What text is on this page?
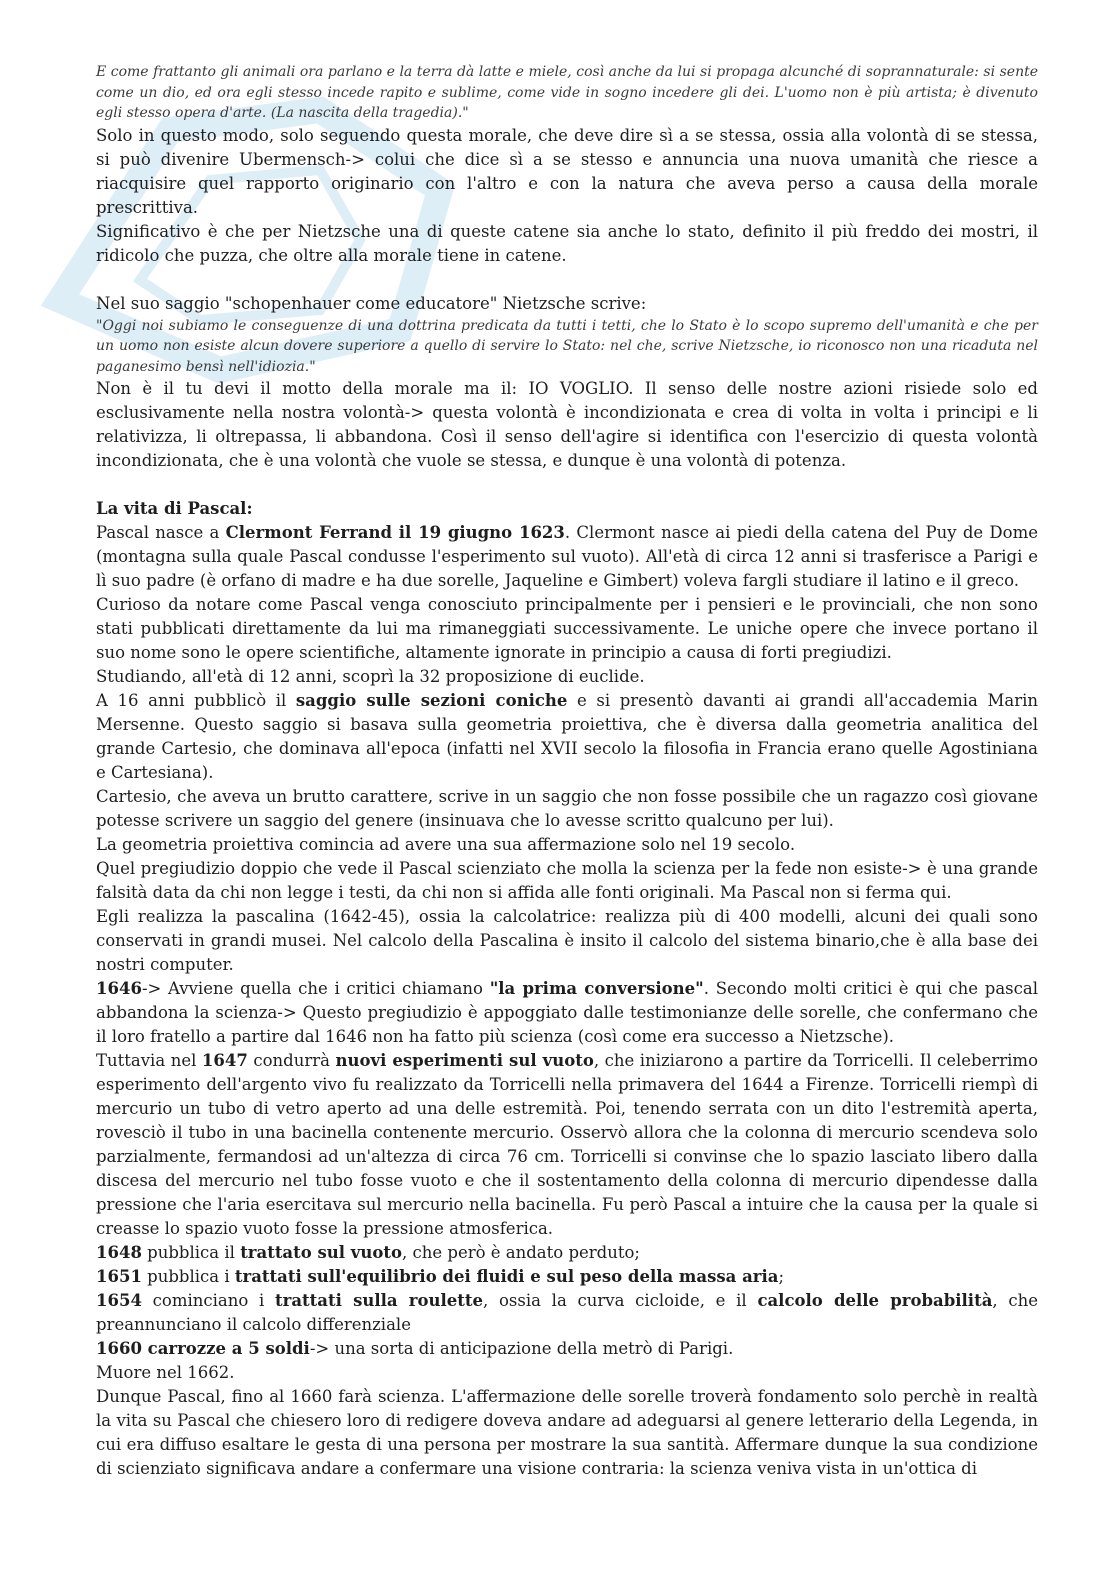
E come frattanto gli animali ora parlano e la terra dà latte e miele, così anche da lui si propaga alcunché di soprannaturale: si sente come un dio, ed ora egli stesso incede rapito e sublime, come vide in sogno incedere gli dei. L'uomo non è più artista; è divenuto egli stesso opera d'arte. (La nascita della tragedia)."

Solo in questo modo, solo seguendo questa morale, che deve dire sì a se stessa, ossia alla volontà di se stessa, si può divenire Ubermensch-> colui che dice sì a se stesso e annuncia una nuova umanità che riesce a riacquisire quel rapporto originario con l'altro e con la natura che aveva perso a causa della morale prescrittiva.

Significativo è che per Nietzsche una di queste catene sia anche lo stato, definito il più freddo dei mostri, il ridicolo che puzza, che oltre alla morale tiene in catene.

Nel suo saggio "schopenhauer come educatore" Nietzsche scrive:

"Oggi noi subiamo le conseguenze di una dottrina predicata da tutti i tetti, che lo Stato è lo scopo supremo dell'umanità e che per un uomo non esiste alcun dovere superiore a quello di servire lo Stato: nel che, scrive Nietzsche, io riconosco non una ricaduta nel paganesimo bensì nell'idiozia."

Non è il tu devi il motto della morale ma il: IO VOGLIO. Il senso delle nostre azioni risiede solo ed esclusivamente nella nostra volontà-> questa volontà è incondizionata e crea di volta in volta i principi e li relativizza, li oltrepassa, li abbandona. Così il senso dell'agire si identifica con l'esercizio di questa volontà incondizionata, che è una volontà che vuole se stessa, e dunque è una volontà di potenza.

La vita di Pascal:

Pascal nasce a Clermont Ferrand il 19 giugno 1623. Clermont nasce ai piedi della catena del Puy de Dome (montagna sulla quale Pascal condusse l'esperimento sul vuoto). All'età di circa 12 anni si trasferisce a Parigi e lì suo padre (è orfano di madre e ha due sorelle, Jaqueline e Gimbert) voleva fargli studiare il latino e il greco.

Curioso da notare come Pascal venga conosciuto principalmente per i pensieri e le provinciali, che non sono stati pubblicati direttamente da lui ma rimaneggiati successivamente. Le uniche opere che invece portano il suo nome sono le opere scientifiche, altamente ignorate in principio a causa di forti pregiudizi.

Studiando, all'età di 12 anni, scoprì la 32 proposizione di euclide.

A 16 anni pubblicò il saggio sulle sezioni coniche e si presentò davanti ai grandi all'accademia Marin Mersenne. Questo saggio si basava sulla geometria proiettiva, che è diversa dalla geometria analitica del grande Cartesio, che dominava all'epoca (infatti nel XVII secolo la filosofia in Francia erano quelle Agostiniana e Cartesiana).

Cartesio, che aveva un brutto carattere, scrive in un saggio che non fosse possibile che un ragazzo così giovane potesse scrivere un saggio del genere (insinuava che lo avesse scritto qualcuno per lui).

La geometria proiettiva comincia ad avere una sua affermazione solo nel 19 secolo.

Quel pregiudizio doppio che vede il Pascal scienziato che molla la scienza per la fede non esiste-> è una grande falsità data da chi non legge i testi, da chi non si affida alle fonti originali. Ma Pascal non si ferma qui.

Egli realizza la pascalina (1642-45), ossia la calcolatrice: realizza più di 400 modelli, alcuni dei quali sono conservati in grandi musei. Nel calcolo della Pascalina è insito il calcolo del sistema binario,che è alla base dei nostri computer.

1646-> Avviene quella che i critici chiamano "la prima conversione". Secondo molti critici è qui che pascal abbandona la scienza-> Questo pregiudizio è appoggiato dalle testimonianze delle sorelle, che confermano che il loro fratello a partire dal 1646 non ha fatto più scienza (così come era successo a Nietzsche).

Tuttavia nel 1647 condurrà nuovi esperimenti sul vuoto, che iniziarono a partire da Torricelli. Il celeberrimo esperimento dell'argento vivo fu realizzato da Torricelli nella primavera del 1644 a Firenze. Torricelli riempì di mercurio un tubo di vetro aperto ad una delle estremità. Poi, tenendo serrata con un dito l'estremità aperta, rovesciò il tubo in una bacinella contenente mercurio. Osservò allora che la colonna di mercurio scendeva solo parzialmente, fermandosi ad un'altezza di circa 76 cm. Torricelli si convinse che lo spazio lasciato libero dalla discesa del mercurio nel tubo fosse vuoto e che il sostentamento della colonna di mercurio dipendesse dalla pressione che l'aria esercitava sul mercurio nella bacinella. Fu però Pascal a intuire che la causa per la quale si creasse lo spazio vuoto fosse la pressione atmosferica.

1648 pubblica il trattato sul vuoto, che però è andato perduto;

1651 pubblica i trattati sull'equilibrio dei fluidi e sul peso della massa aria;

1654 cominciano i trattati sulla roulette, ossia la curva cicloide, e il calcolo delle probabilità, che preannunciano il calcolo differenziale

1660 carrozze a 5 soldi-> una sorta di anticipazione della metrò di Parigi.

Muore nel 1662.

Dunque Pascal, fino al 1660 farà scienza. L'affermazione delle sorelle troverà fondamento solo perchè in realtà la vita su Pascal che chiesero loro di redigere doveva andare ad adeguarsi al genere letterario della Legenda, in cui era diffuso esaltare le gesta di una persona per mostrare la sua santità. Affermare dunque la sua condizione di scienziato significava andare a confermare una visione contraria: la scienza veniva vista in un'ottica di
